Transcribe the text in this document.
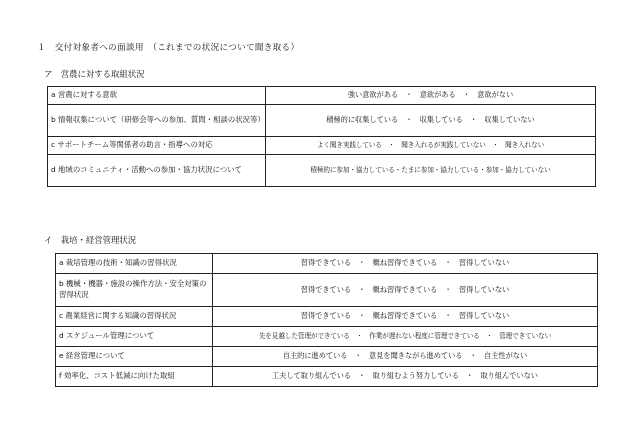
１　交付対象者への面談用　（これまでの状況について聞き取る）
ア　営農に対する取組状況
a 営農に対する意欲	強い意欲がある　・　意欲がある　・　意欲がない
b 情報収集について（研修会等への参加、質問・相談の状況等）	積極的に収集している　・　収集している　・　収集していない
c サポートチーム等関係者の助言・指導への対応	よく聞き実践している　・　聞き入れるが実践していない　・　聞き入れない
d 地域のコミュニティ・活動への参加・協力状況について	積極的に参加・協力している・たまに参加・協力している・参加・協力していない
イ　栽培・経営管理状況
a 栽培管理の技術・知識の習得状況	習得できている　・　概ね習得できている　・　習得していない
b 機械・機器・施設の操作方法・安全対策の習得状況	習得できている　・　概ね習得できている　・　習得していない
c 農業経営に関する知識の習得状況	習得できている　・　概ね習得できている　・　習得していない
d スケジュール管理について	先を見越した管理ができている　・　作業が遅れない程度に管理できている　・　管理できていない
e 経営管理について	自主的に進めている　・　意見を聞きながら進めている　・　自主性がない
f 効率化、コスト低減に向けた取組	工夫して取り組んでいる　・　取り組むよう努力している　・　取り組んでいない
